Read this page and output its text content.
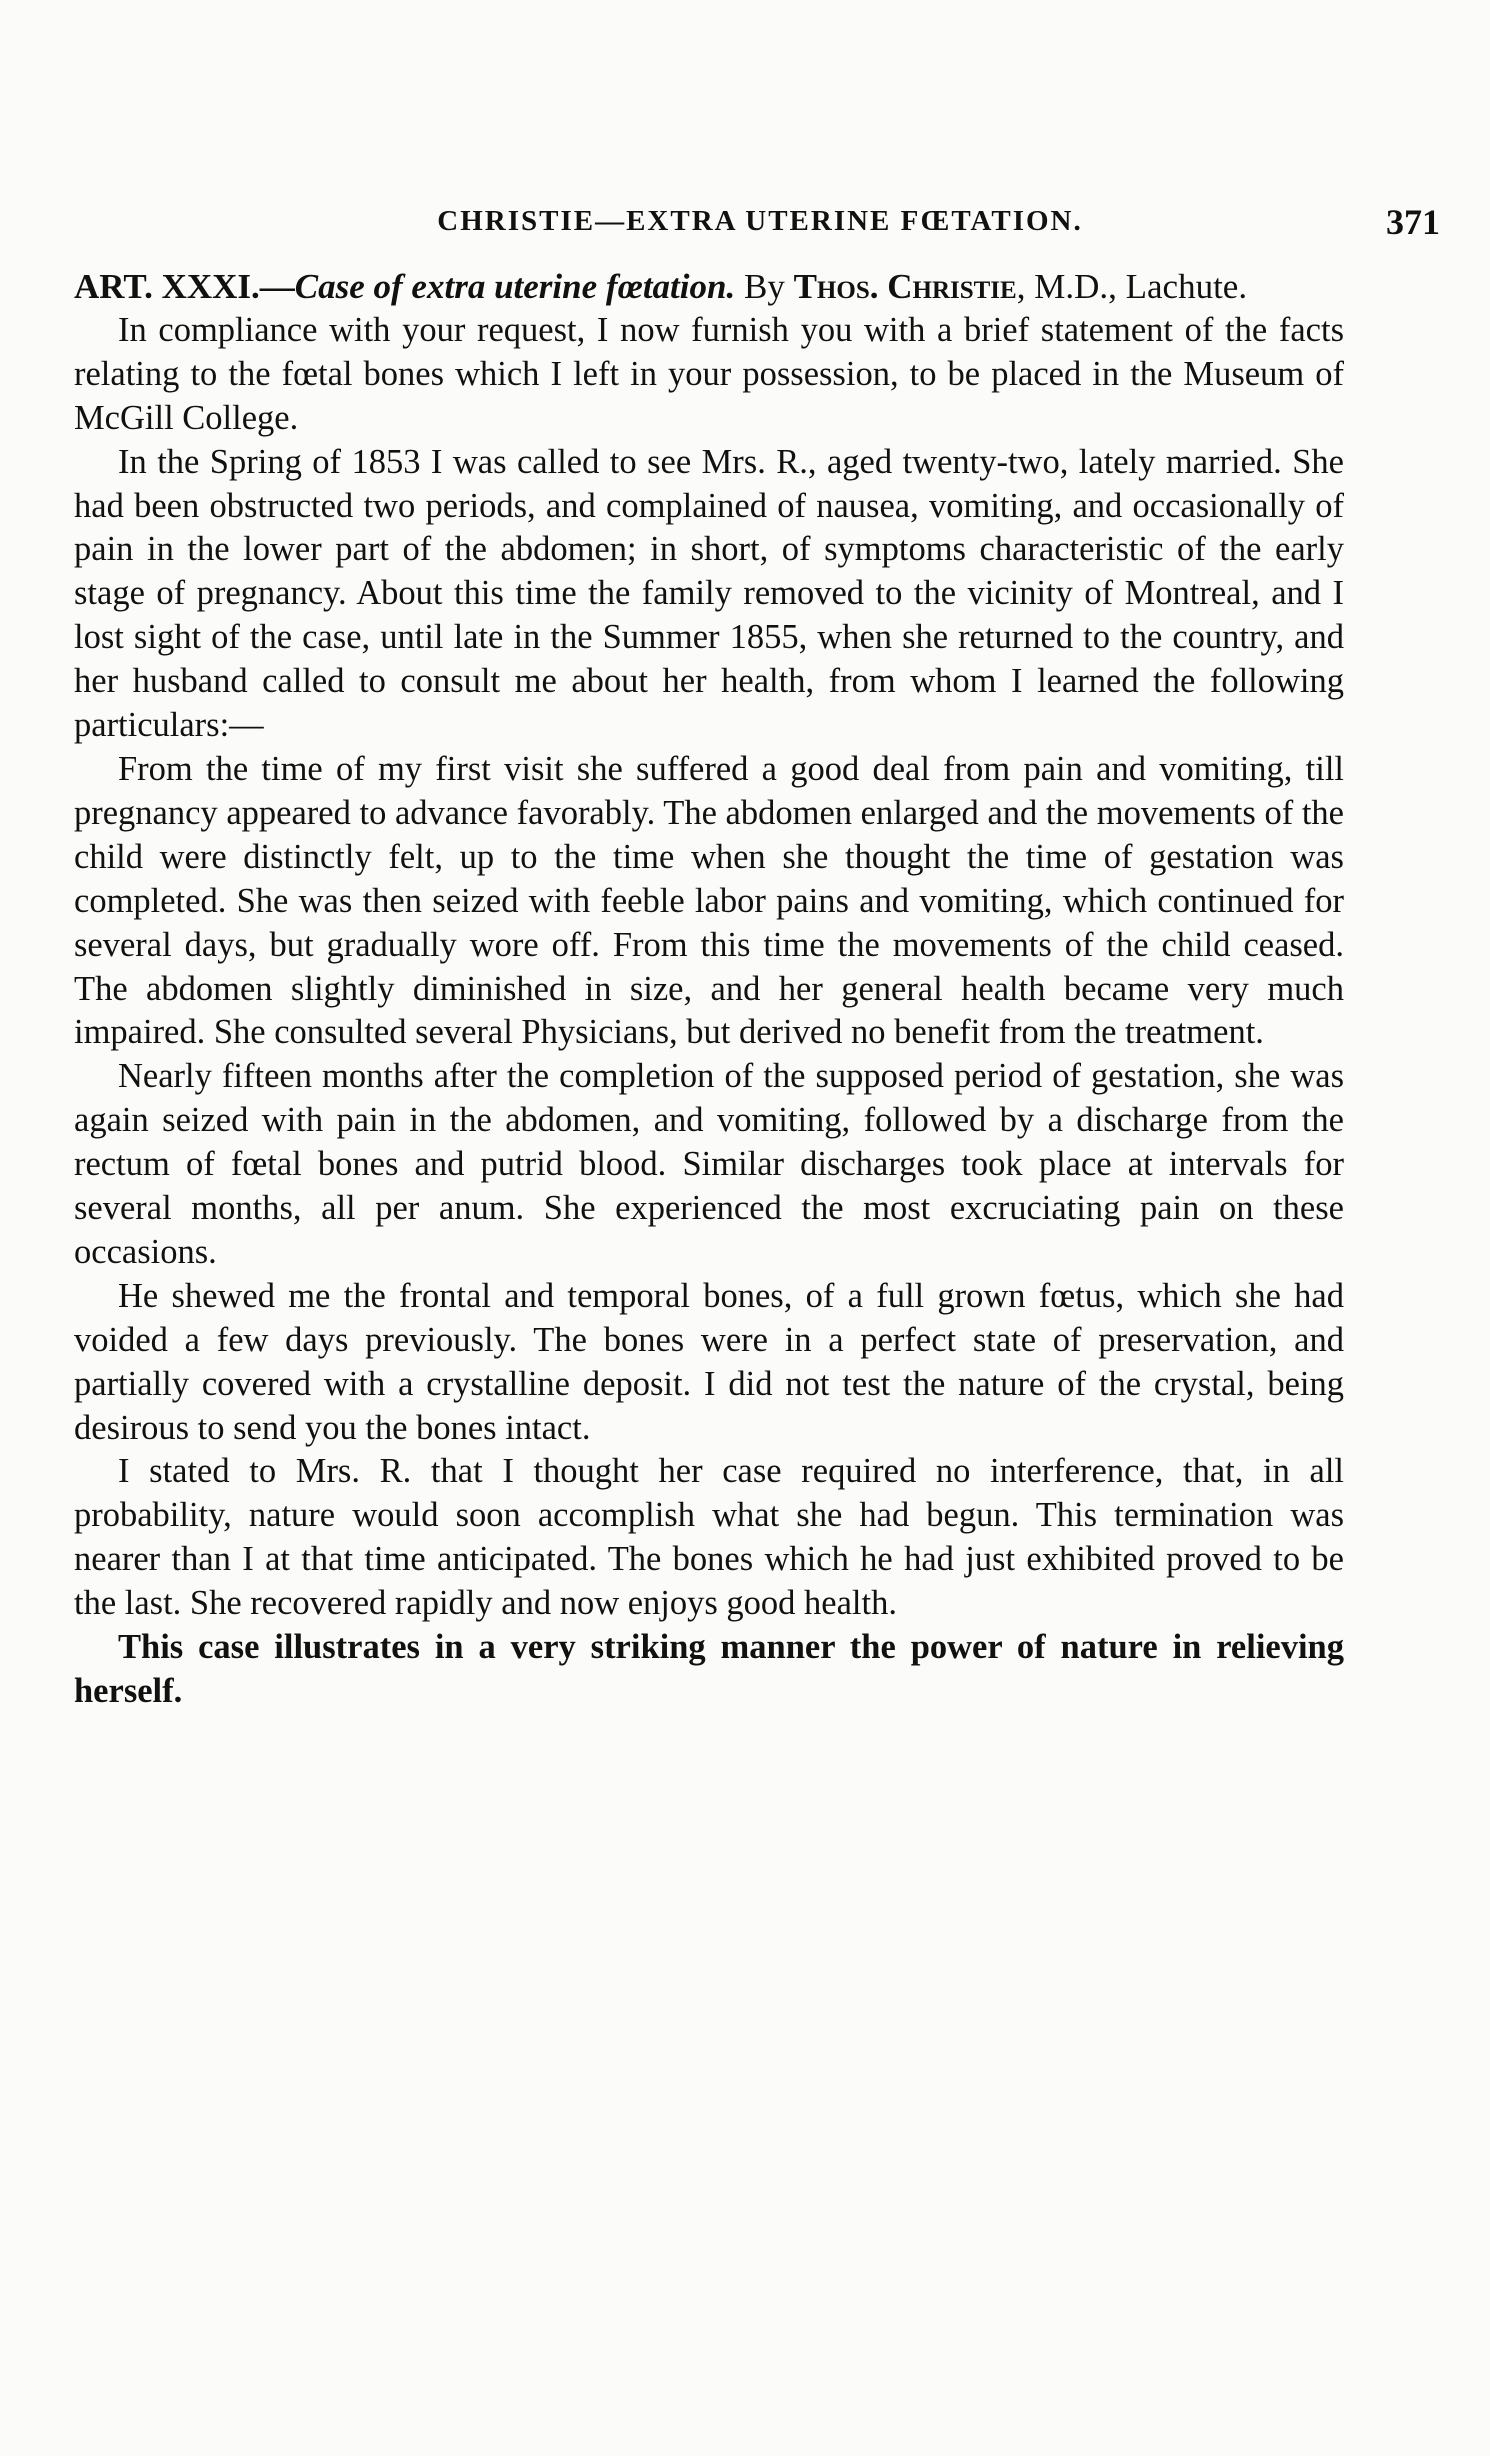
CHRISTIE—EXTRA UTERINE FŒTATION.	371

ART. XXXI.—Case of extra uterine fœtation. By Thos. Christie, M.D., Lachute.

In compliance with your request, I now furnish you with a brief statement of the facts relating to the fœtal bones which I left in your possession, to be placed in the Museum of McGill College.

In the Spring of 1853 I was called to see Mrs. R., aged twenty-two, lately married. She had been obstructed two periods, and complained of nausea, vomiting, and occasionally of pain in the lower part of the abdomen; in short, of symptoms characteristic of the early stage of pregnancy. About this time the family removed to the vicinity of Montreal, and I lost sight of the case, until late in the Summer 1855, when she returned to the country, and her husband called to consult me about her health, from whom I learned the following particulars:—

From the time of my first visit she suffered a good deal from pain and vomiting, till pregnancy appeared to advance favorably. The abdomen enlarged and the movements of the child were distinctly felt, up to the time when she thought the time of gestation was completed. She was then seized with feeble labor pains and vomiting, which continued for several days, but gradually wore off. From this time the movements of the child ceased. The abdomen slightly diminished in size, and her general health became very much impaired. She consulted several Physicians, but derived no benefit from the treatment.

Nearly fifteen months after the completion of the supposed period of gestation, she was again seized with pain in the abdomen, and vomiting, followed by a discharge from the rectum of fœtal bones and putrid blood. Similar discharges took place at intervals for several months, all per anum. She experienced the most excruciating pain on these occasions.

He shewed me the frontal and temporal bones, of a full grown fœtus, which she had voided a few days previously. The bones were in a perfect state of preservation, and partially covered with a crystalline deposit. I did not test the nature of the crystal, being desirous to send you the bones intact.

I stated to Mrs. R. that I thought her case required no interference, that, in all probability, nature would soon accomplish what she had begun. This termination was nearer than I at that time anticipated. The bones which he had just exhibited proved to be the last. She recovered rapidly and now enjoys good health.

This case illustrates in a very striking manner the power of nature in relieving herself.
